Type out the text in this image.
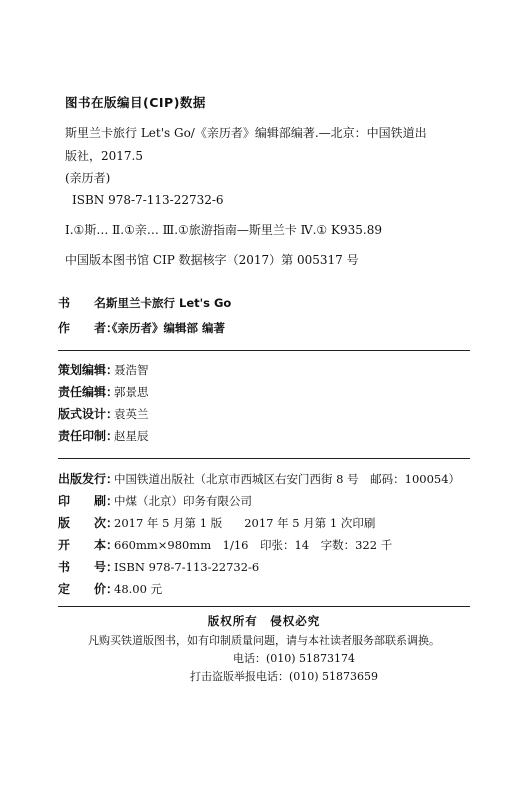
图书在版编目(CIP)数据
斯里兰卡旅行 Let's Go/《亲历者》编辑部编著.—北京：中国铁道出
版社，2017.5
(亲历者)
ISBN 978-7-113-22732-6
Ⅰ.①斯… Ⅱ.①亲… Ⅲ.①旅游指南—斯里兰卡 Ⅳ.① K935.89
中国版本图书馆 CIP 数据核字（2017）第 005317 号
书　　名：斯里兰卡旅行 Let's Go
作　　者：《亲历者》编辑部 编著
策划编辑：聂浩智
责任编辑：郭景思
版式设计：袁英兰
责任印制：赵星辰
出版发行：中国铁道出版社（北京市西城区右安门西街 8 号　邮码：100054）
印　　刷：中煤（北京）印务有限公司
版　　次：2017 年 5 月第 1 版 2017 年 5 月第 1 次印刷
开　　本：660mm×980mm　1/16　印张：14　字数：322 千
书　　号：ISBN 978-7-113-22732-6
定　　价：48.00 元
版权所有　侵权必究
凡购买铁道版图书，如有印制质量问题，请与本社读者服务部联系调换。
电话：(010) 51873174
打击盗版举报电话：(010) 51873659
